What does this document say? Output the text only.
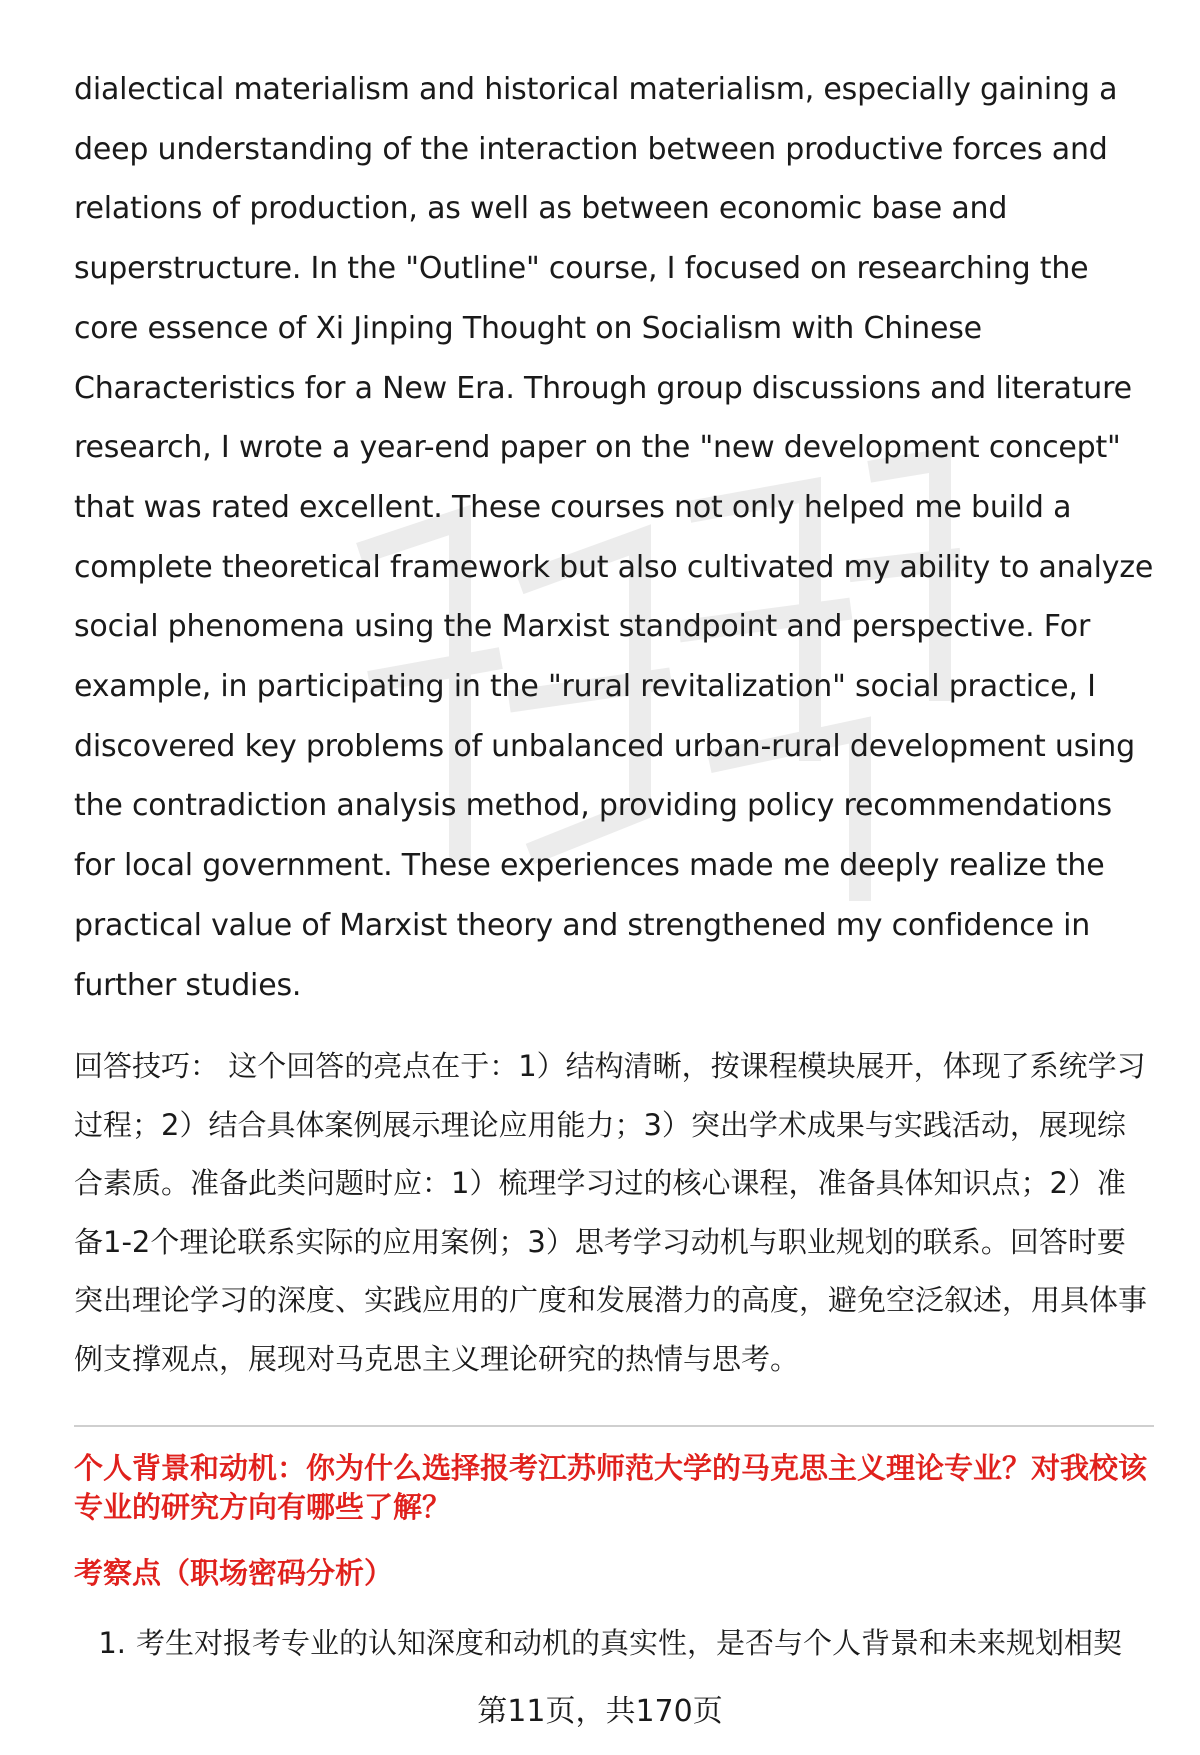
dialectical materialism and historical materialism, especially gaining a deep understanding of the interaction between productive forces and relations of production, as well as between economic base and superstructure. In the "Outline" course, I focused on researching the core essence of Xi Jinping Thought on Socialism with Chinese Characteristics for a New Era. Through group discussions and literature research, I wrote a year-end paper on the "new development concept" that was rated excellent. These courses not only helped me build a complete theoretical framework but also cultivated my ability to analyze social phenomena using the Marxist standpoint and perspective. For example, in participating in the "rural revitalization" social practice, I discovered key problems of unbalanced urban-rural development using the contradiction analysis method, providing policy recommendations for local government. These experiences made me deeply realize the practical value of Marxist theory and strengthened my confidence in further studies.

回答技巧： 这个回答的亮点在于：1）结构清晰，按课程模块展开，体现了系统学习过程；2）结合具体案例展示理论应用能力；3）突出学术成果与实践活动，展现综合素质。准备此类问题时应：1）梳理学习过的核心课程，准备具体知识点；2）准备1-2个理论联系实际的应用案例；3）思考学习动机与职业规划的联系。回答时要突出理论学习的深度、实践应用的广度和发展潜力的高度，避免空泛叙述，用具体事例支撑观点，展现对马克思主义理论研究的热情与思考。

个人背景和动机：你为什么选择报考江苏师范大学的马克思主义理论专业？对我校该专业的研究方向有哪些了解？
考察点（职场密码分析）
1. 考生对报考专业的认知深度和动机的真实性，是否与个人背景和未来规划相契
第11页，共170页
